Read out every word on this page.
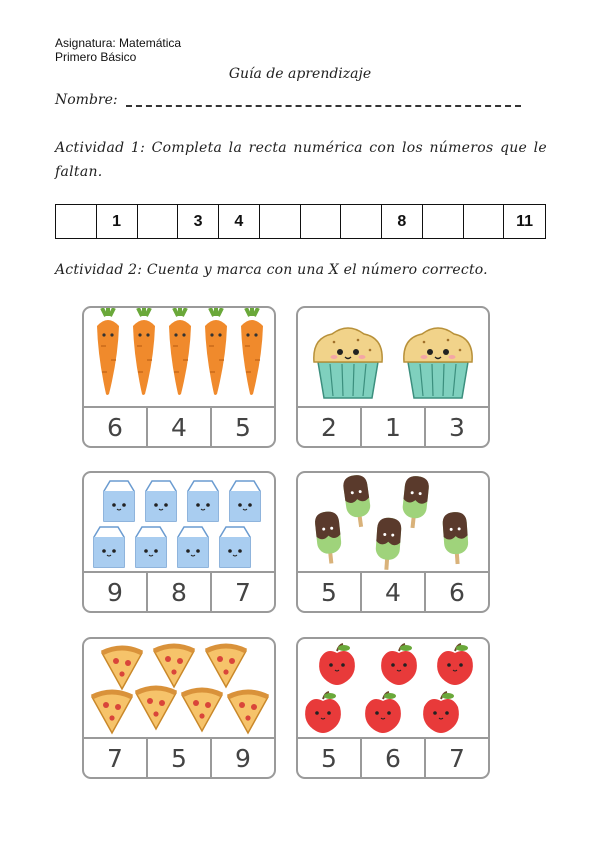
Asignatura: Matemática
Primero Básico
Guía de aprendizaje
Nombre:
Actividad 1: Completa la recta numérica con los números que le faltan.
1	3	4	8	11
Actividad 2: Cuenta y marca con una X el número correcto.
6	4	5	2	1	3
9	8	7	5	4	6
7	5	9	5	6	7
